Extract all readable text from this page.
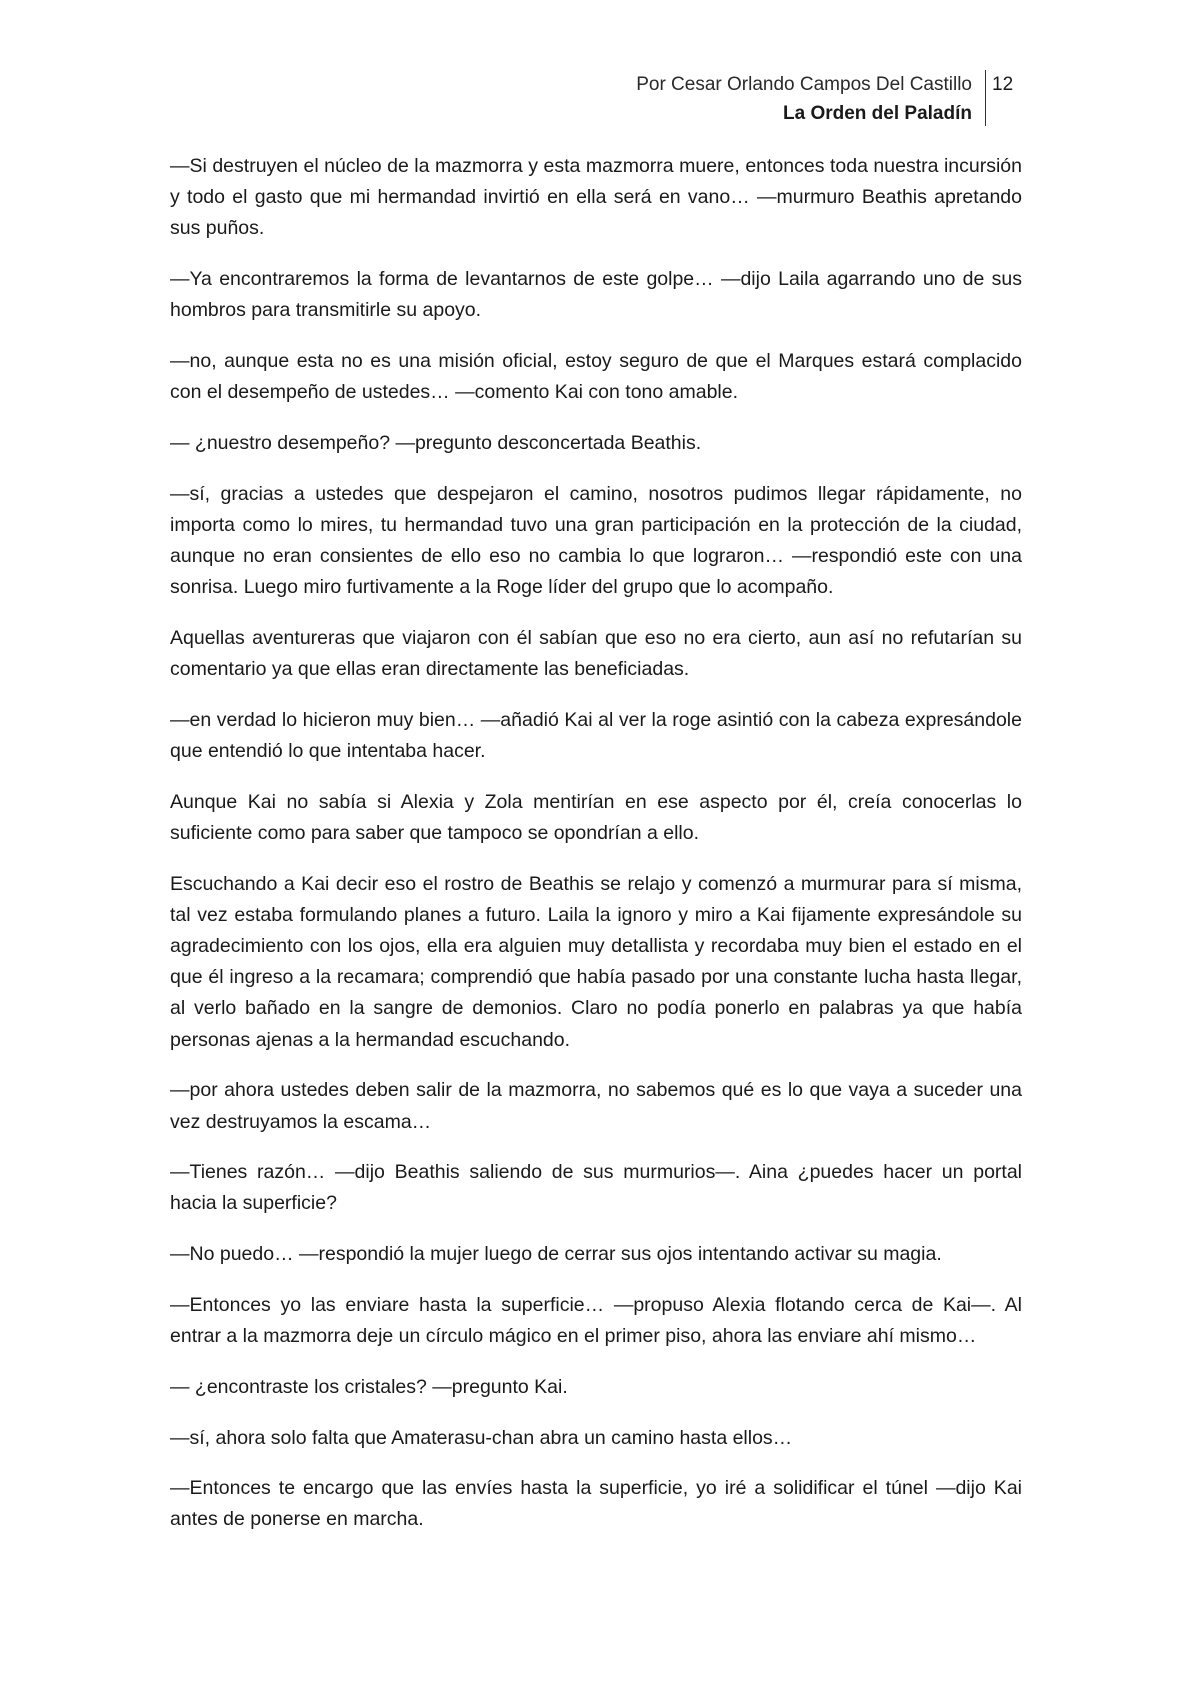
Por Cesar Orlando Campos Del Castillo
La Orden del Paladín
12

—Si destruyen el núcleo de la mazmorra y esta mazmorra muere, entonces toda nuestra incursión y todo el gasto que mi hermandad invirtió en ella será en vano… —murmuro Beathis apretando sus puños.

—Ya encontraremos la forma de levantarnos de este golpe… —dijo Laila agarrando uno de sus hombros para transmitirle su apoyo.

—no, aunque esta no es una misión oficial, estoy seguro de que el Marques estará complacido con el desempeño de ustedes… —comento Kai con tono amable.

— ¿nuestro desempeño? —pregunto desconcertada Beathis.

—sí, gracias a ustedes que despejaron el camino, nosotros pudimos llegar rápidamente, no importa como lo mires, tu hermandad tuvo una gran participación en la protección de la ciudad, aunque no eran consientes de ello eso no cambia lo que lograron… —respondió este con una sonrisa. Luego miro furtivamente a la Roge líder del grupo que lo acompaño.

Aquellas aventureras que viajaron con él sabían que eso no era cierto, aun así no refutarían su comentario ya que ellas eran directamente las beneficiadas.

—en verdad lo hicieron muy bien… —añadió Kai al ver la roge asintió con la cabeza expresándole que entendió lo que intentaba hacer.

Aunque Kai no sabía si Alexia y Zola mentirían en ese aspecto por él, creía conocerlas lo suficiente como para saber que tampoco se opondrían a ello.

Escuchando a Kai decir eso el rostro de Beathis se relajo y comenzó a murmurar para sí misma, tal vez estaba formulando planes a futuro. Laila la ignoro y miro a Kai fijamente expresándole su agradecimiento con los ojos, ella era alguien muy detallista y recordaba muy bien el estado en el que él ingreso a la recamara; comprendió que había pasado por una constante lucha hasta llegar, al verlo bañado en la sangre de demonios. Claro no podía ponerlo en palabras ya que había personas ajenas a la hermandad escuchando.

—por ahora ustedes deben salir de la mazmorra, no sabemos qué es lo que vaya a suceder una vez destruyamos la escama…

—Tienes razón… —dijo Beathis saliendo de sus murmurios—. Aina ¿puedes hacer un portal hacia la superficie?

—No puedo… —respondió la mujer luego de cerrar sus ojos intentando activar su magia.

—Entonces yo las enviare hasta la superficie… —propuso Alexia flotando cerca de Kai—. Al entrar a la mazmorra deje un círculo mágico en el primer piso, ahora las enviare ahí mismo…

— ¿encontraste los cristales? —pregunto Kai.

—sí, ahora solo falta que Amaterasu-chan abra un camino hasta ellos…

—Entonces te encargo que las envíes hasta la superficie, yo iré a solidificar el túnel —dijo Kai antes de ponerse en marcha.
